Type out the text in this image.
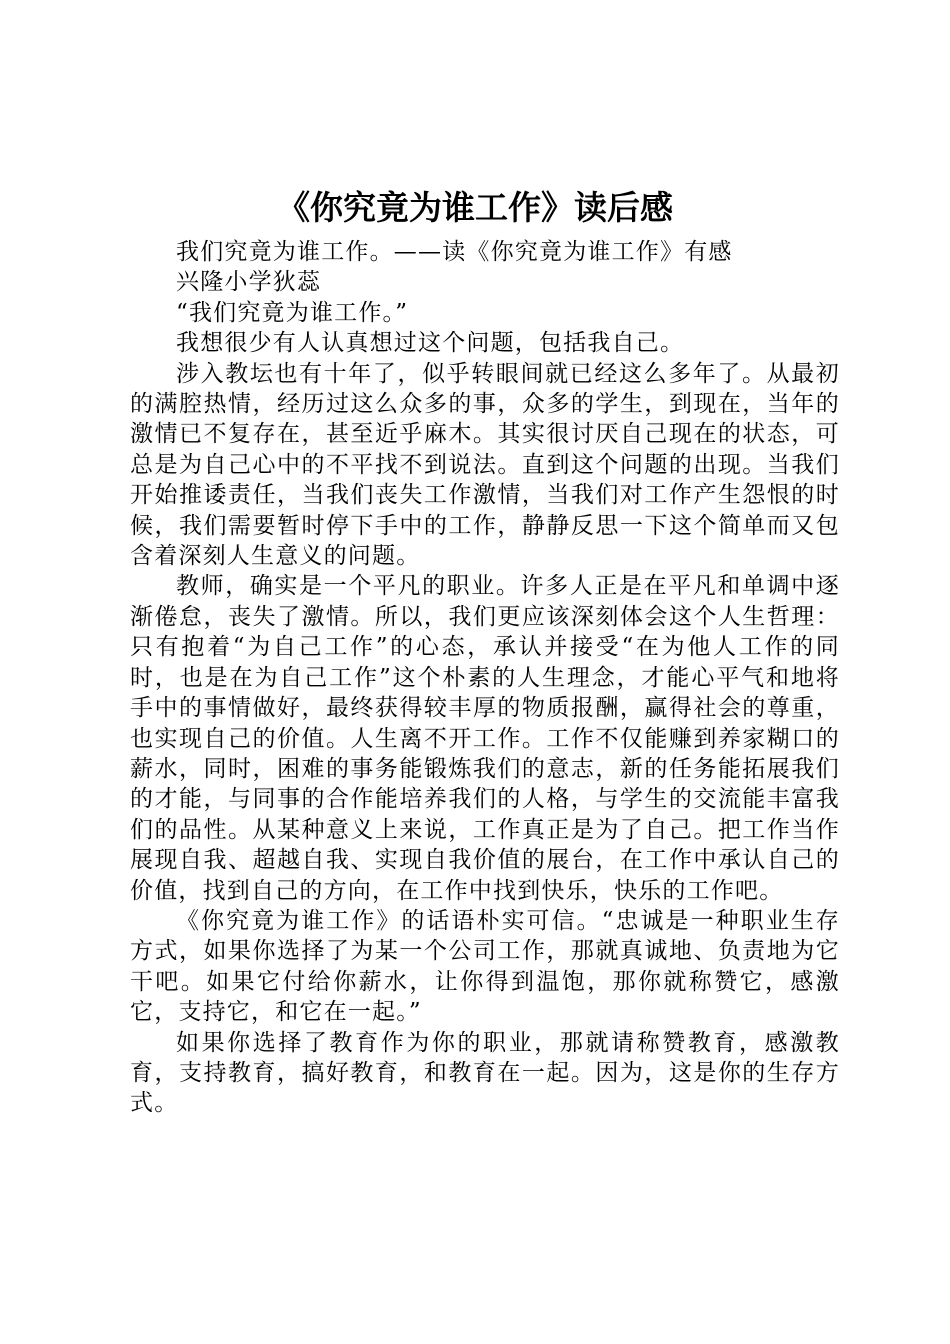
《你究竟为谁工作》读后感

我们究竟为谁工作。——读《你究竟为谁工作》有感

兴隆小学狄蕊

“我们究竟为谁工作。”

我想很少有人认真想过这个问题，包括我自己。

涉入教坛也有十年了，似乎转眼间就已经这么多年了。从最初的满腔热情，经历过这么众多的事，众多的学生，到现在，当年的激情已不复存在，甚至近乎麻木。其实很讨厌自己现在的状态，可总是为自己心中的不平找不到说法。直到这个问题的出现。当我们开始推诿责任，当我们丧失工作激情，当我们对工作产生怨恨的时候，我们需要暂时停下手中的工作，静静反思一下这个简单而又包含着深刻人生意义的问题。

教师，确实是一个平凡的职业。许多人正是在平凡和单调中逐渐倦怠，丧失了激情。所以，我们更应该深刻体会这个人生哲理：只有抱着“为自己工作”的心态，承认并接受“在为他人工作的同时，也是在为自己工作”这个朴素的人生理念，才能心平气和地将手中的事情做好，最终获得较丰厚的物质报酬，赢得社会的尊重，也实现自己的价值。人生离不开工作。工作不仅能赚到养家糊口的薪水，同时，困难的事务能锻炼我们的意志，新的任务能拓展我们的才能，与同事的合作能培养我们的人格，与学生的交流能丰富我们的品性。从某种意义上来说，工作真正是为了自己。把工作当作展现自我、超越自我、实现自我价值的展台，在工作中承认自己的价值，找到自己的方向，在工作中找到快乐，快乐的工作吧。

《你究竟为谁工作》的话语朴实可信。“忠诚是一种职业生存方式，如果你选择了为某一个公司工作，那就真诚地、负责地为它干吧。如果它付给你薪水，让你得到温饱，那你就称赞它，感激它，支持它，和它在一起。”

如果你选择了教育作为你的职业，那就请称赞教育，感激教育，支持教育，搞好教育，和教育在一起。因为，这是你的生存方式。
